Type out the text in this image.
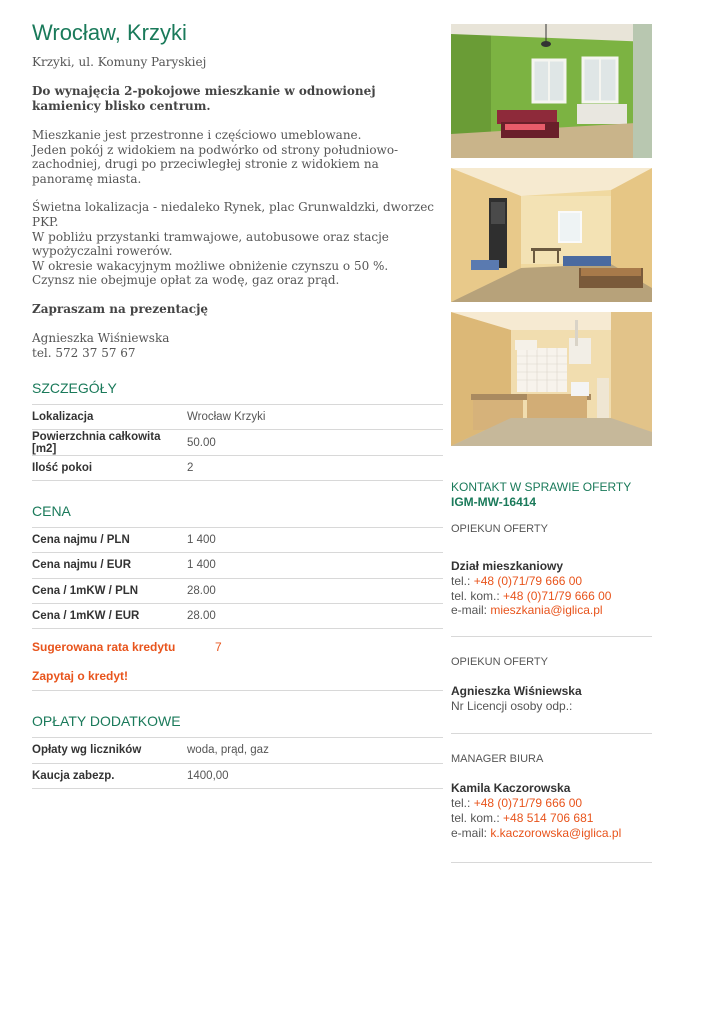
Wrocław, Krzyki
Krzyki, ul. Komuny Paryskiej
Do wynajęcia 2-pokojowe mieszkanie w odnowionej kamienicy blisko centrum.

Mieszkanie jest przestronne i częściowo umeblowane.

Jeden pokój z widokiem na podwórko od strony południowo-zachodniej, drugi po przeciwległej stronie z widokiem na panoramę miasta.

Świetna lokalizacja - niedaleko Rynek, plac Grunwaldzki, dworzec PKP.

W pobliżu przystanki tramwajowe, autobusowe oraz stacje wypożyczalni rowerów.

W okresie wakacyjnym możliwe obniżenie czynszu o 50 %.

Czynsz nie obejmuje opłat za wodę, gaz oraz prąd.

Zapraszam na prezentację

Agnieszka Wiśniewska

tel. 572 37 57 67

SZCZEGÓŁY
Lokalizacja	Wrocław Krzyki
Powierzchnia całkowita [m2]	50.00
Ilość pokoi	2
CENA
Cena najmu / PLN	1 400
Cena najmu / EUR	1 400
Cena / 1mKW / PLN	28.00
Cena / 1mKW / EUR	28.00
Sugerowana rata kredytu	7
Zapytaj o kredyt!
OPŁATY DODATKOWE
Opłaty wg liczników	woda, prąd, gaz
Kaucja zabezp.	1400,00
KONTAKT W SPRAWIE OFERTY
IGM-MW-16414
OPIEKUN OFERTY
Dział mieszkaniowy
tel.: +48 (0)71/79 666 00
tel. kom.: +48 (0)71/79 666 00
e-mail: mieszkania@iglica.pl
OPIEKUN OFERTY
Agnieszka Wiśniewska
Nr Licencji osoby odp.:
MANAGER BIURA
Kamila Kaczorowska
tel.: +48 (0)71/79 666 00
tel. kom.: +48 514 706 681
e-mail: k.kaczorowska@iglica.pl
